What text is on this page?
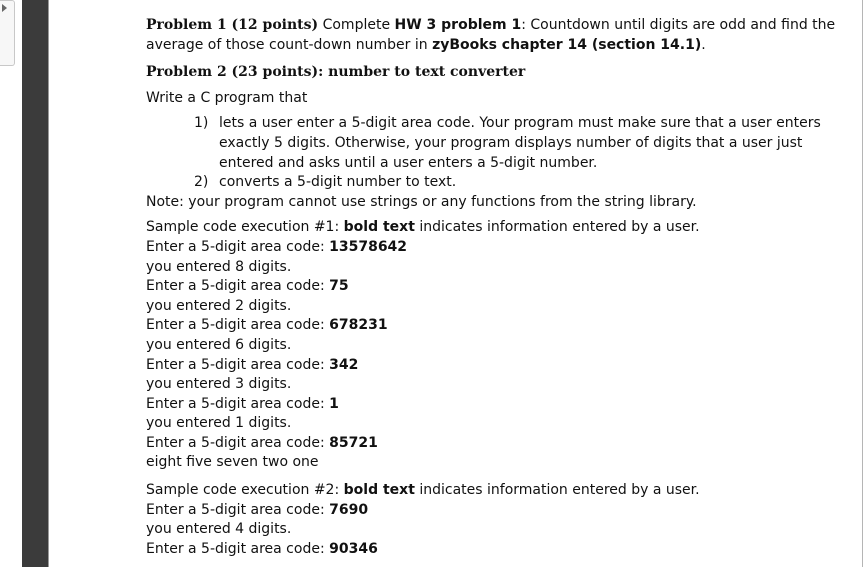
Problem 1 (12 points) Complete HW 3 problem 1: Countdown until digits are odd and find the average of those count-down number in zyBooks chapter 14 (section 14.1).

Problem 2 (23 points): number to text converter

Write a C program that

1) lets a user enter a 5-digit area code. Your program must make sure that a user enters exactly 5 digits. Otherwise, your program displays number of digits that a user just entered and asks until a user enters a 5-digit number.
2) converts a 5-digit number to text.

Note: your program cannot use strings or any functions from the string library.

Sample code execution #1: bold text indicates information entered by a user.

Enter a 5-digit area code: 13578642

you entered 8 digits.

Enter a 5-digit area code: 75

you entered 2 digits.

Enter a 5-digit area code: 678231

you entered 6 digits.

Enter a 5-digit area code: 342

you entered 3 digits.

Enter a 5-digit area code: 1

you entered 1 digits.

Enter a 5-digit area code: 85721

eight five seven two one

Sample code execution #2: bold text indicates information entered by a user.

Enter a 5-digit area code: 7690

you entered 4 digits.

Enter a 5-digit area code: 90346
